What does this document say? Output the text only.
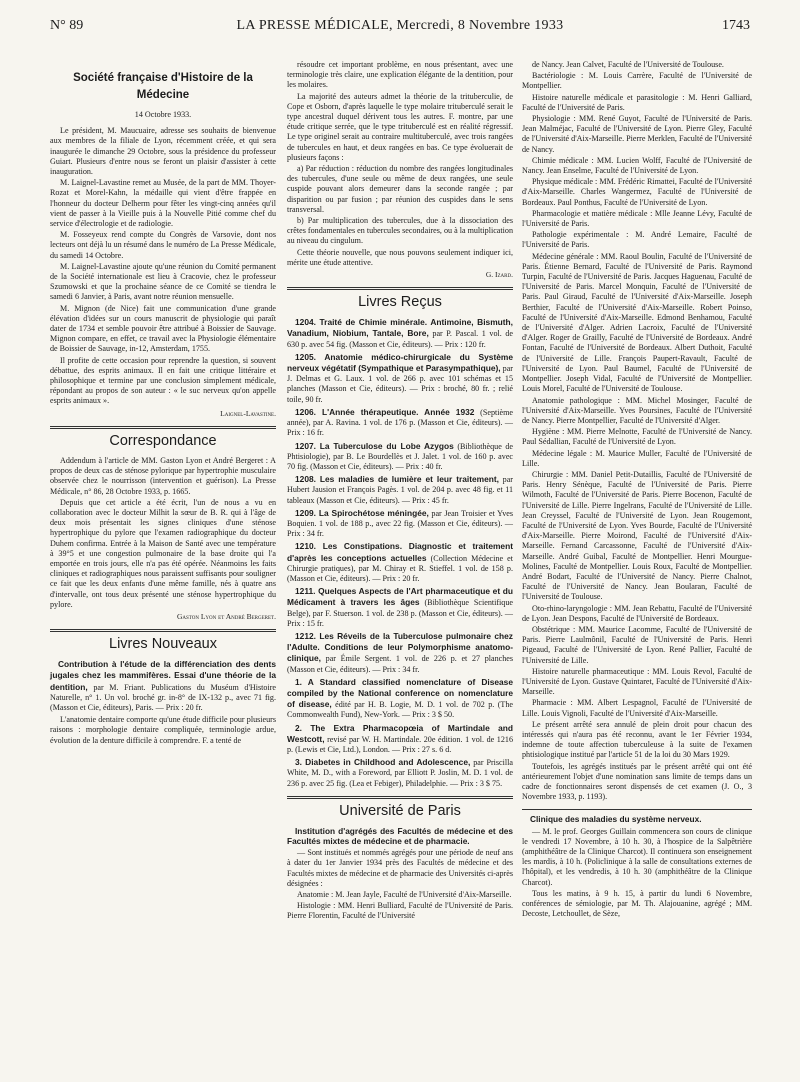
N° 89	LA PRESSE MÉDICALE, Mercredi, 8 Novembre 1933	1743
Société française d'Histoire de la Médecine
14 Octobre 1933.

Le président, M. Maucuaire, adresse ses souhaits de bienvenue aux membres de la filiale de Lyon, récemment créée, et qui sera inaugurée le dimanche 29 Octobre, sous la présidence du professeur Guiart. Plusieurs d'entre nous se feront un plaisir d'assister à cette inauguration.

M. Laignel-Lavastine remet au Musée, de la part de MM. Thoyer-Rozat et Morel-Kahn, la médaille qui vient d'être frappée en l'honneur du docteur Delherm pour fêter les vingt-cinq années qu'il vient de passer à la Vieille puis à la Nouvelle Pitié comme chef du service d'électrologie et de radiologie.

M. Fosseyeux rend compte du Congrès de Varsovie, dont nos lecteurs ont déjà lu un résumé dans le numéro de La Presse Médicale, du samedi 14 Octobre.

M. Laignel-Lavastine ajoute qu'une réunion du Comité permanent de la Société internationale est lieu à Cracovie, chez le professeur Szumowski et que la prochaine séance de ce Comité se tiendra le samedi 6 Janvier, à Paris, avant notre réunion mensuelle.

M. Mignon (de Nice) fait une communication d'une grande élévation d'idées sur un cours manuscrit de physiologie qui paraît dater de 1734 et semble pouvoir être attribué à Boissier de Sauvage. Mignon compare, en effet, ce travail avec la Physiologie élémentaire de Boissier de Sauvage, in-12, Amsterdam, 1755.

Il profite de cette occasion pour reprendre la question, si souvent débattue, des esprits animaux. Il en fait une critique littéraire et philosophique et termine par une conclusion simplement médicale, répondant au propos de son auteur : « le suc nerveux qu'on appelle esprits animaux ».

Laignel-Lavastine.
Correspondance

Addendum à l'article de MM. Gaston Lyon et André Bergeret : A propos de deux cas de sténose pylorique par hypertrophie musculaire observée chez le nourrisson (intervention et guérison). La Presse Médicale, n° 86, 28 Octobre 1933, p. 1665.

Depuis que cet article a été écrit, l'un de nous a vu en collaboration avec le docteur Milhit la sœur de B. R. qui à l'âge de deux mois présentait les signes cliniques d'une sténose hypertrophique du pylore que l'examen radiographique du docteur Duhem confirma. Entrée à la Maison de Santé avec une température à 39°5 et une congestion pulmonaire de la base droite qui l'a emportée en trois jours, elle n'a pas été opérée. Néanmoins les faits cliniques et radiographiques nous paraissent suffisants pour souligner ce fait que les deux enfants d'une même famille, nés à quatre ans d'intervalle, ont tous deux présenté une sténose hypertrophique du pylore.

Gaston Lyon et André Bergeret.
Livres Nouveaux
Contribution à l'étude de la différenciation des dents jugales chez les mammifères. Essai d'une théorie de la dentition, par M. Friant. Publications du Muséum d'Histoire Naturelle, n° 1. Un vol. broché gr. in-8° de IX-132 p., avec 71 fig. (Masson et Cie, éditeurs), Paris. — Prix : 20 fr.

L'anatomie dentaire comporte qu'une étude difficile pour plusieurs raisons : morphologie dentaire compliquée, terminologie ardue, évolution de la denture difficile à comprendre. F. a tenté de

résoudre cet important problème, en nous présentant, avec une terminologie très claire, une explication élégante de la dentition, pour les molaires.

La majorité des auteurs admet la théorie de la trituberculie, de Cope et Osborn, d'après laquelle le type molaire trituberculé serait le type ancestral duquel dérivent tous les autres. F. montre, par une étude critique serrée, que le type trituberculé est en réalité régressif. Le type originel serait au contraire multituberculé, avec trois rangées de tubercules en haut, et deux rangées en bas. Ce type évoluerait de plusieurs façons :

a) Par réduction : réduction du nombre des rangées longitudinales des tubercules, d'une seule ou même de deux rangées, une seule cuspide pouvant alors demeurer dans la seconde rangée ; par disparition ou par fusion ; par réunion des cuspides dans le sens transversal.

b) Par multiplication des tubercules, due à la dissociation des crêtes fondamentales en tubercules secondaires, ou à la multiplication au niveau du cingulum.

Cette théorie nouvelle, que nous pouvons seulement indiquer ici, mérite une étude attentive.

G. Izard.
Livres Reçus
1204. Traité de Chimie minérale. Antimoine, Bismuth, Vanadium, Niobium, Tantale, Bore, par P. Pascal. 1 vol. de 630 p. avec 54 fig. (Masson et Cie, éditeurs). — Prix : 120 fr.
1205. Anatomie médico-chirurgicale du Système nerveux végétatif (Sympathique et Parasympathique), par J. Delmas et G. Laux. 1 vol. de 266 p. avec 101 schémas et 15 planches (Masson et Cie, éditeurs). — Prix : broché, 80 fr. ; relié toile, 90 fr.
1206. L'Année thérapeutique. Année 1932 (Septième année), par A. Ravina. 1 vol. de 176 p. (Masson et Cie, éditeurs). — Prix : 16 fr.
1207. La Tuberculose du Lobe Azygos (Bibliothèque de Phtisiologie), par B. Le Bourdellès et J. Jalet. 1 vol. de 160 p. avec 70 fig. (Masson et Cie, éditeurs). — Prix : 40 fr.
1208. Les maladies de lumière et leur traitement, par Hubert Jausion et François Pagès. 1 vol. de 204 p. avec 48 fig. et 11 tableaux (Masson et Cie, éditeurs). — Prix : 45 fr.
1209. La Spirochétose méningée, par Jean Troisier et Yves Boquien. 1 vol. de 188 p., avec 22 fig. (Masson et Cie, éditeurs). — Prix : 34 fr.
1210. Les Constipations. Diagnostic et traitement d'après les conceptions actuelles (Collection Médecine et Chirurgie pratiques), par M. Chiray et R. Stieffel. 1 vol. de 158 p. (Masson et Cie, éditeurs). — Prix : 20 fr.
1211. Quelques Aspects de l'Art pharmaceutique et du Médicament à travers les âges (Bibliothèque Scientifique Belge), par F. Stuerson. 1 vol. de 238 p. (Masson et Cie, éditeurs). — Prix : 15 fr.
1212. Les Réveils de la Tuberculose pulmonaire chez l'Adulte. Conditions de leur Polymorphisme anatomo-clinique, par Émile Sergent. 1 vol. de 226 p. et 27 planches (Masson et Cie, éditeurs). — Prix : 34 fr.
1. A Standard classified nomenclature of Disease compiled by the National conference on nomenclature of disease, édité par H. B. Logie, M. D. 1 vol. de 702 p. (The Commonwealth Fund), New-York. — Prix : 3 $ 50.
2. The Extra Pharmacopœia of Martindale and Westcott, revisé par W. H. Martindale. 20e édition. 1 vol. de 1216 p. (Lewis et Cie, Ltd.), London. — Prix : 27 s. 6 d.
3. Diabetes in Childhood and Adolescence, par Priscilla White, M. D., with a Foreword, par Elliott P. Joslin, M. D. 1 vol. de 236 p. avec 25 fig. (Lea et Febiger), Philadelphie. — Prix : 3 $ 75.
Université de Paris
Institution d'agrégés des Facultés de médecine et des Facultés mixtes de médecine et de pharmacie.

— Sont institués et nommés agrégés pour une période de neuf ans à dater du 1er Janvier 1934 près des Facultés de médecine et des Facultés mixtes de médecine et de pharmacie des Universités ci-après désignées :

Anatomie : M. Jean Jayle, Faculté de l'Université d'Aix-Marseille.

Histologie : MM. Henri Bulliard, Faculté de l'Université de Paris. Pierre Florentin, Faculté de l'Université

de Nancy. Jean Calvet, Faculté de l'Université de Toulouse.

Bactériologie : M. Louis Carrère, Faculté de l'Université de Montpellier.

Histoire naturelle médicale et parasitologie : M. Henri Galliard, Faculté de l'Université de Paris.

Physiologie : MM. René Guyot, Faculté de l'Université de Paris. Jean Malméjac, Faculté de l'Université de Lyon. Pierre Gley, Faculté de l'Université d'Aix-Marseille. Pierre Merklen, Faculté de l'Université de Nancy.

Chimie médicale : MM. Lucien Wolff, Faculté de l'Université de Nancy. Jean Enselme, Faculté de l'Université de Lyon.

Physique médicale : MM. Frédéric Rimattei, Faculté de l'Université d'Aix-Marseille. Charles Wangermez, Faculté de l'Université de Bordeaux. Paul Ponthus, Faculté de l'Université de Lyon.

Pharmacologie et matière médicale : Mlle Jeanne Lévy, Faculté de l'Université de Paris.

Pathologie expérimentale : M. André Lemaire, Faculté de l'Université de Paris.

Médecine générale : MM. Raoul Boulin, Faculté de l'Université de Paris. Étienne Bernard, Faculté de l'Université de Paris. Raymond Turpin, Faculté de l'Université de Paris. Jacques Haguenau, Faculté de l'Université de Paris. Marcel Monquin, Faculté de l'Université de Paris. Paul Giraud, Faculté de l'Université d'Aix-Marseille. Joseph Berthier, Faculté de l'Université d'Aix-Marseille. Robert Poinso, Faculté de l'Université d'Aix-Marseille. Edmond Benhamou, Faculté de l'Université d'Alger. Adrien Lacroix, Faculté de l'Université d'Alger. Roger de Grailly, Faculté de l'Université de Bordeaux. André Fontan, Faculté de l'Université de Bordeaux. Albert Duthoit, Faculté de l'Université de Lille. François Paupert-Ravault, Faculté de l'Université de Lyon. Paul Baumel, Faculté de l'Université de Montpellier. Joseph Vidal, Faculté de l'Université de Montpellier. Louis Morel, Faculté de l'Université de Toulouse.

Anatomie pathologique : MM. Michel Mosinger, Faculté de l'Université d'Aix-Marseille. Yves Poursines, Faculté de l'Université de Nancy. Pierre Montpellier, Faculté de l'Université d'Alger.

Hygiène : MM. Pierre Melnotte, Faculté de l'Université de Nancy. Paul Sédallian, Faculté de l'Université de Lyon.

Médecine légale : M. Maurice Muller, Faculté de l'Université de Lille.

Chirurgie : MM. Daniel Petit-Dutaillis, Faculté de l'Université de Paris. Henry Sénèque, Faculté de l'Université de Paris. Pierre Wilmoth, Faculté de l'Université de Paris. Pierre Bocenon, Faculté de l'Université de Lille. Pierre Ingelrans, Faculté de l'Université de Lille. Jean Creyssel, Faculté de l'Université de Lyon. Jean Rougemont, Faculté de l'Université de Lyon. Yves Bourde, Faculté de l'Université d'Aix-Marseille. Pierre Moirond, Faculté de l'Université d'Aix-Marseille. Fernand Carcassonne, Faculté de l'Université d'Aix-Marseille. André Guibal, Faculté de Montpellier. Henri Mourgue-Molines, Faculté de Montpellier. Louis Roux, Faculté de Montpellier. André Bodart, Faculté de l'Université de Nancy. Pierre Chalnot, Faculté de l'Université de Nancy. Jean Boularan, Faculté de l'Université de Toulouse.

Oto-rhino-laryngologie : MM. Jean Rebattu, Faculté de l'Université de Lyon. Jean Despons, Faculté de l'Université de Bordeaux.

Obstétrique : MM. Maurice Lacomme, Faculté de l'Université de Paris. Pierre Laulmônil, Faculté de l'Université de Paris. Henri Pigeaud, Faculté de l'Université de Lyon. René Pallier, Faculté de l'Université de Lille.

Histoire naturelle pharmaceutique : MM. Louis Revol, Faculté de l'Université de Lyon. Gustave Quintaret, Faculté de l'Université d'Aix-Marseille.

Pharmacie : MM. Albert Lespagnol, Faculté de l'Université de Lille. Louis Vignoli, Faculté de l'Université d'Aix-Marseille.

Le présent arrêté sera annulé de plein droit pour chacun des intéressés qui n'aura pas été reconnu, avant le 1er Février 1934, indemne de toute affection tuberculeuse à la suite de l'examen phtisiologique institué par l'article 51 de la loi du 30 Mars 1929.

Toutefois, les agrégés institués par le présent arrêté qui ont été antérieurement l'objet d'une nomination sans limite de temps dans un cadre de fonctionnaires seront dispensés de cet examen (J. O., 3 Novembre 1933, p. 1193).

Clinique des maladies du système nerveux.

— M. le prof. Georges Guillain commencera son cours de clinique le vendredi 17 Novembre, à 10 h. 30, à l'hospice de la Salpêtrière (amphithéâtre de la Clinique Charcot). Il continuera son enseignement les mardis, à 10 h. (Policlinique à la salle de consultations externes de l'hôpital), et les vendredis, à 10 h. 30 (amphithéâtre de la Clinique Charcot).

Tous les matins, à 9 h. 15, à partir du lundi 6 Novembre, conférences de sémiologie, par M. Th. Alajouanine, agrégé ; MM. Decoste, Letchoullet, de Sèze,
